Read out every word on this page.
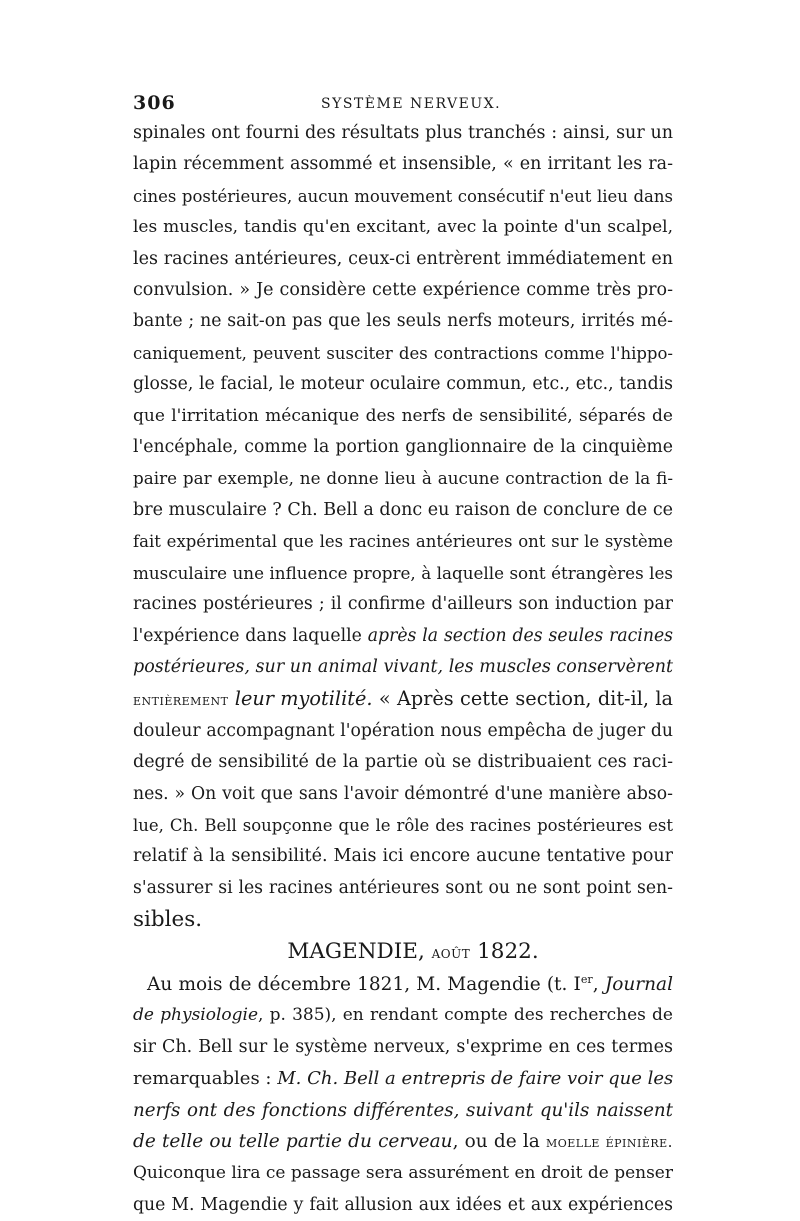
306	SYSTÈME NERVEUX.
spinales ont fourni des résultats plus tranchés : ainsi, sur un
lapin récemment assommé et insensible, « en irritant les ra-
cines postérieures, aucun mouvement consécutif n'eut lieu dans
les muscles, tandis qu'en excitant, avec la pointe d'un scalpel,
les racines antérieures, ceux-ci entrèrent immédiatement en
convulsion. » Je considère cette expérience comme très pro-
bante ; ne sait-on pas que les seuls nerfs moteurs, irrités mé-
caniquement, peuvent susciter des contractions comme l'hippo-
glosse, le facial, le moteur oculaire commun, etc., etc., tandis
que l'irritation mécanique des nerfs de sensibilité, séparés de
l'encéphale, comme la portion ganglionnaire de la cinquième
paire par exemple, ne donne lieu à aucune contraction de la fi-
bre musculaire ? Ch. Bell a donc eu raison de conclure de ce
fait expérimental que les racines antérieures ont sur le système
musculaire une influence propre, à laquelle sont étrangères les
racines postérieures ; il confirme d'ailleurs son induction par
l'expérience dans laquelle après la section des seules racines
postérieures, sur un animal vivant, les muscles conservèrent
entièrement leur myotilité. « Après cette section, dit-il, la
douleur accompagnant l'opération nous empêcha de juger du
degré de sensibilité de la partie où se distribuaient ces raci-
nes. » On voit que sans l'avoir démontré d'une manière abso-
lue, Ch. Bell soupçonne que le rôle des racines postérieures est
relatif à la sensibilité. Mais ici encore aucune tentative pour
s'assurer si les racines antérieures sont ou ne sont point sen-
sibles.
MAGENDIE, août 1822.
Au mois de décembre 1821, M. Magendie (t. Ier, Journal
de physiologie, p. 385), en rendant compte des recherches de
sir Ch. Bell sur le système nerveux, s'exprime en ces termes
remarquables : M. Ch. Bell a entrepris de faire voir que les
nerfs ont des fonctions différentes, suivant qu'ils naissent
de telle ou telle partie du cerveau, ou de la moelle épinière.
Quiconque lira ce passage sera assurément en droit de penser
que M. Magendie y fait allusion aux idées et aux expériences
